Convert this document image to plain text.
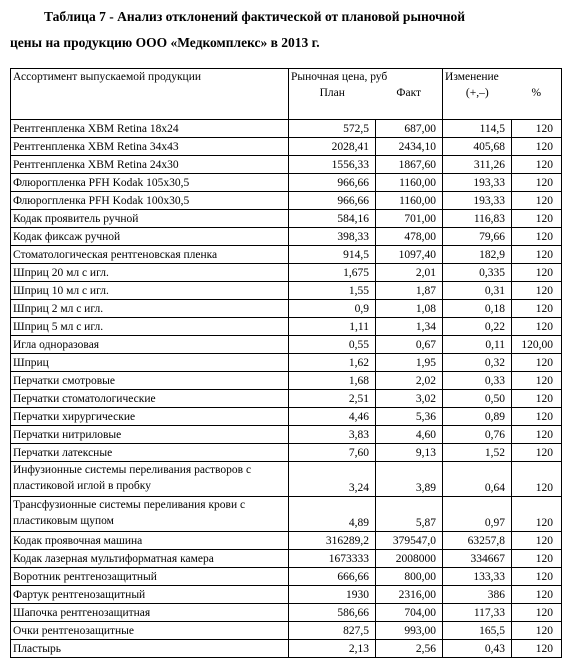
Таблица 7 - Анализ отклонений фактической от плановой рыночной
цены на продукцию ООО «Медкомплекс» в 2013 г.
Ассортимент выпускаемой продукции	Рыночная цена, руб		Изменение	
	План	Факт	(+,–)	%
Рентгенпленка ХВМ Retina 18х24	572,5	687,00	114,5	120
Рентгенпленка ХВМ Retina 34х43	2028,41	2434,10	405,68	120
Рентгенпленка ХВМ Retina 24х30	1556,33	1867,60	311,26	120
Флюрогпленка PFH Kodak 105х30,5	966,66	1160,00	193,33	120
Флюрогпленка PFH Kodak 100х30,5	966,66	1160,00	193,33	120
Кодак проявитель ручной	584,16	701,00	116,83	120
Кодак фиксаж ручной	398,33	478,00	79,66	120
Стоматологическая рентгеновская пленка	914,5	1097,40	182,9	120
Шприц 20 мл с игл.	1,675	2,01	0,335	120
Шприц 10 мл с игл.	1,55	1,87	0,31	120
Шприц 2 мл с игл.	0,9	1,08	0,18	120
Шприц 5 мл с игл.	1,11	1,34	0,22	120
Игла одноразовая	0,55	0,67	0,11	120,00
Шприц	1,62	1,95	0,32	120
Перчатки смотровые	1,68	2,02	0,33	120
Перчатки стоматологические	2,51	3,02	0,50	120
Перчатки хирургические	4,46	5,36	0,89	120
Перчатки нитриловые	3,83	4,60	0,76	120
Перчатки латексные	7,60	9,13	1,52	120
Инфузионные системы переливания растворов с пластиковой иглой в пробку	3,24	3,89	0,64	120
Трансфузионные системы переливания крови с пластиковым щупом	4,89	5,87	0,97	120
Кодак проявочная машина	316289,2	379547,0	63257,8	120
Кодак лазерная мультиформатная камера	1673333	2008000	334667	120
Воротник рентгенозащитный	666,66	800,00	133,33	120
Фартук рентгенозащитный	1930	2316,00	386	120
Шапочка рентгенозащитная	586,66	704,00	117,33	120
Очки рентгенозащитные	827,5	993,00	165,5	120
Пластырь	2,13	2,56	0,43	120
